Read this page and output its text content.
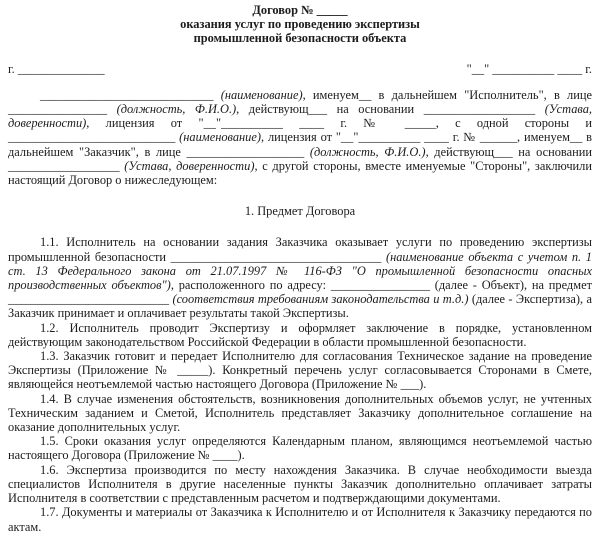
Договор № _____
оказания услуг по проведению экспертизы
промышленной безопасности объекта
г. ______________	"__" __________ ____ г.

____________________________ (наименование), именуем__ в дальнейшем "Исполнитель", в лице ________________ (должность, Ф.И.О.), действующ___ на основании __________________ (Устава, доверенности), лицензия от "__"__________ ____ г. № _____, с одной стороны и ___________________________ (наименование), лицензия от "__"__________ ____ г. № ______, именуем__ в дальнейшем "Заказчик", в лице ___________________ (должность, Ф.И.О.), действующ___ на основании __________________ (Устава, доверенности), с другой стороны, вместе именуемые "Стороны", заключили настоящий Договор о нижеследующем:

1. Предмет Договора

1.1. Исполнитель на основании задания Заказчика оказывает услуги по проведению экспертизы промышленной безопасности __________________________________ (наименование объекта с учетом п. 1 ст. 13 Федерального закона от 21.07.1997 № 116-ФЗ "О промышленной безопасности опасных производственных объектов"), расположенного по адресу: ________________ (далее - Объект), на предмет __________________________ (соответствия требованиям законодательства и т.д.) (далее - Экспертиза), а Заказчик принимает и оплачивает результаты такой Экспертизы.

1.2. Исполнитель проводит Экспертизу и оформляет заключение в порядке, установленном действующим законодательством Российской Федерации в области промышленной безопасности.

1.3. Заказчик готовит и передает Исполнителю для согласования Техническое задание на проведение Экспертизы (Приложение № _____). Конкретный перечень услуг согласовывается Сторонами в Смете, являющейся неотъемлемой частью настоящего Договора (Приложение № ___).

1.4. В случае изменения обстоятельств, возникновения дополнительных объемов услуг, не учтенных Техническим заданием и Сметой, Исполнитель представляет Заказчику дополнительное соглашение на оказание дополнительных услуг.

1.5. Сроки оказания услуг определяются Календарным планом, являющимся неотъемлемой частью настоящего Договора (Приложение № ____).

1.6. Экспертиза производится по месту нахождения Заказчика. В случае необходимости выезда специалистов Исполнителя в другие населенные пункты Заказчик дополнительно оплачивает затраты Исполнителя в соответствии с представленным расчетом и подтверждающими документами.

1.7. Документы и материалы от Заказчика к Исполнителю и от Исполнителя к Заказчику передаются по актам.
